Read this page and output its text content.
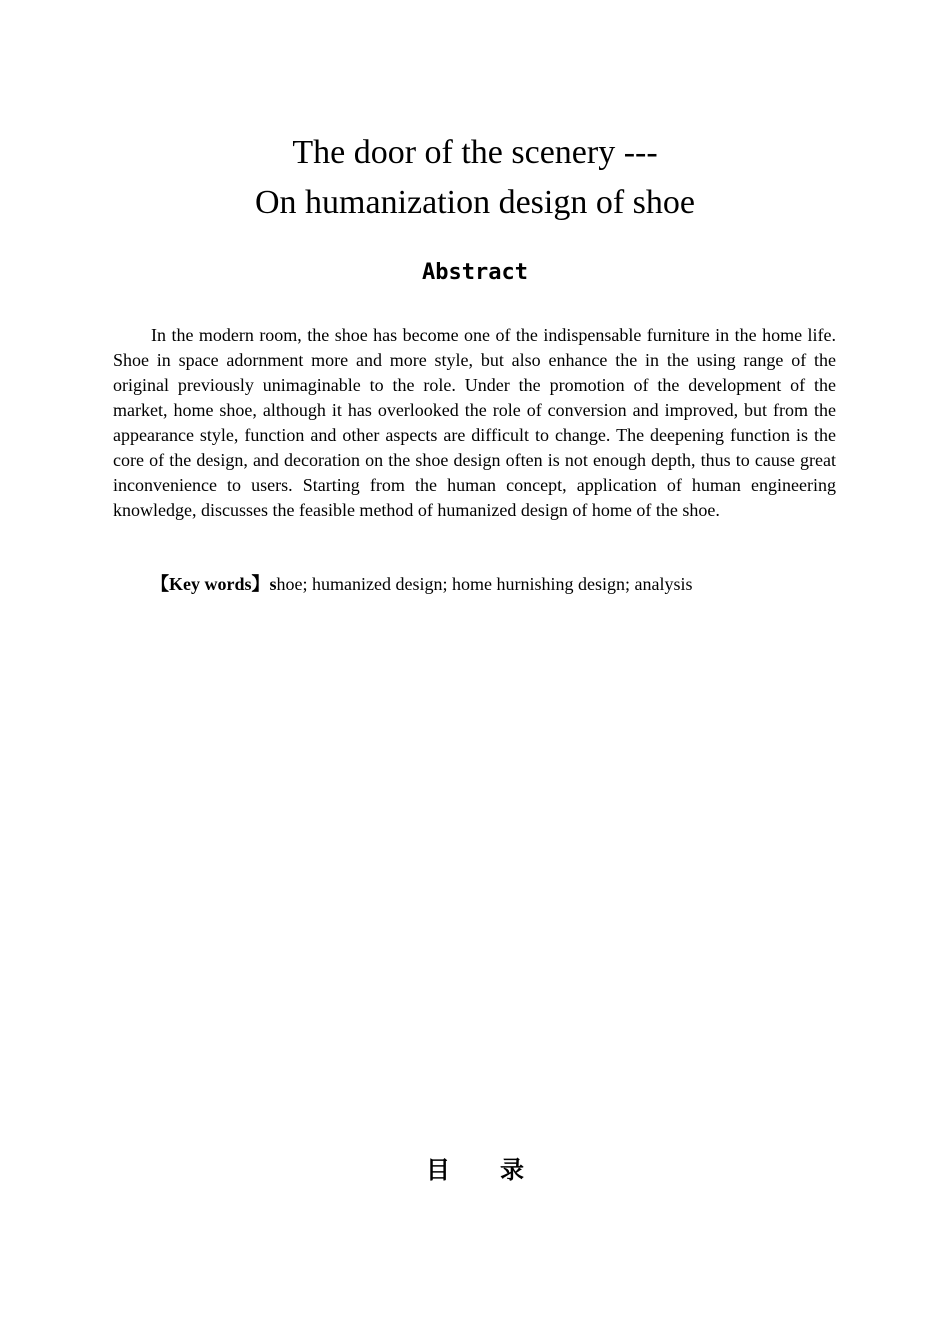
The door of the scenery ---
On humanization design of shoe
Abstract

In the modern room, the shoe has become one of the indispensable furniture in the home life. Shoe in space adornment more and more style, but also enhance the in the using range of the original previously unimaginable to the role. Under the promotion of the development of the market, home shoe, although it has overlooked the role of conversion and improved, but from the appearance style, function and other aspects are difficult to change. The deepening function is the core of the design, and decoration on the shoe design often is not enough depth, thus to cause great inconvenience to users. Starting from the human concept, application of human engineering knowledge, discusses the feasible method of humanized design of home of the shoe.

【Key words】shoe; humanized design; home hurnishing design; analysis

目 录
